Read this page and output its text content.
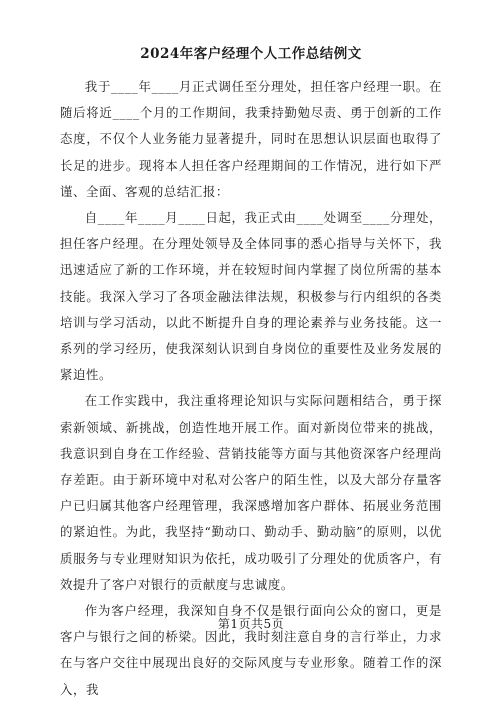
2024年客户经理个人工作总结例文

我于____年____月正式调任至分理处，担任客户经理一职。在随后将近____个月的工作期间，我秉持勤勉尽责、勇于创新的工作态度，不仅个人业务能力显著提升，同时在思想认识层面也取得了长足的进步。现将本人担任客户经理期间的工作情况，进行如下严谨、全面、客观的总结汇报：

自____年____月____日起，我正式由____处调至____分理处，担任客户经理。在分理处领导及全体同事的悉心指导与关怀下，我迅速适应了新的工作环境，并在较短时间内掌握了岗位所需的基本技能。我深入学习了各项金融法律法规，积极参与行内组织的各类培训与学习活动，以此不断提升自身的理论素养与业务技能。这一系列的学习经历，使我深刻认识到自身岗位的重要性及业务发展的紧迫性。

在工作实践中，我注重将理论知识与实际问题相结合，勇于探索新领域、新挑战，创造性地开展工作。面对新岗位带来的挑战，我意识到自身在工作经验、营销技能等方面与其他资深客户经理尚存差距。由于新环境中对私对公客户的陌生性，以及大部分存量客户已归属其他客户经理管理，我深感增加客户群体、拓展业务范围的紧迫性。为此，我坚持“勤动口、勤动手、勤动脑”的原则，以优质服务与专业理财知识为依托，成功吸引了分理处的优质客户，有效提升了客户对银行的贡献度与忠诚度。

作为客户经理，我深知自身不仅是银行面向公众的窗口，更是客户与银行之间的桥梁。因此，我时刻注意自身的言行举止，力求在与客户交往中展现出良好的交际风度与专业形象。随着工作的深入，我

第1页共5页
